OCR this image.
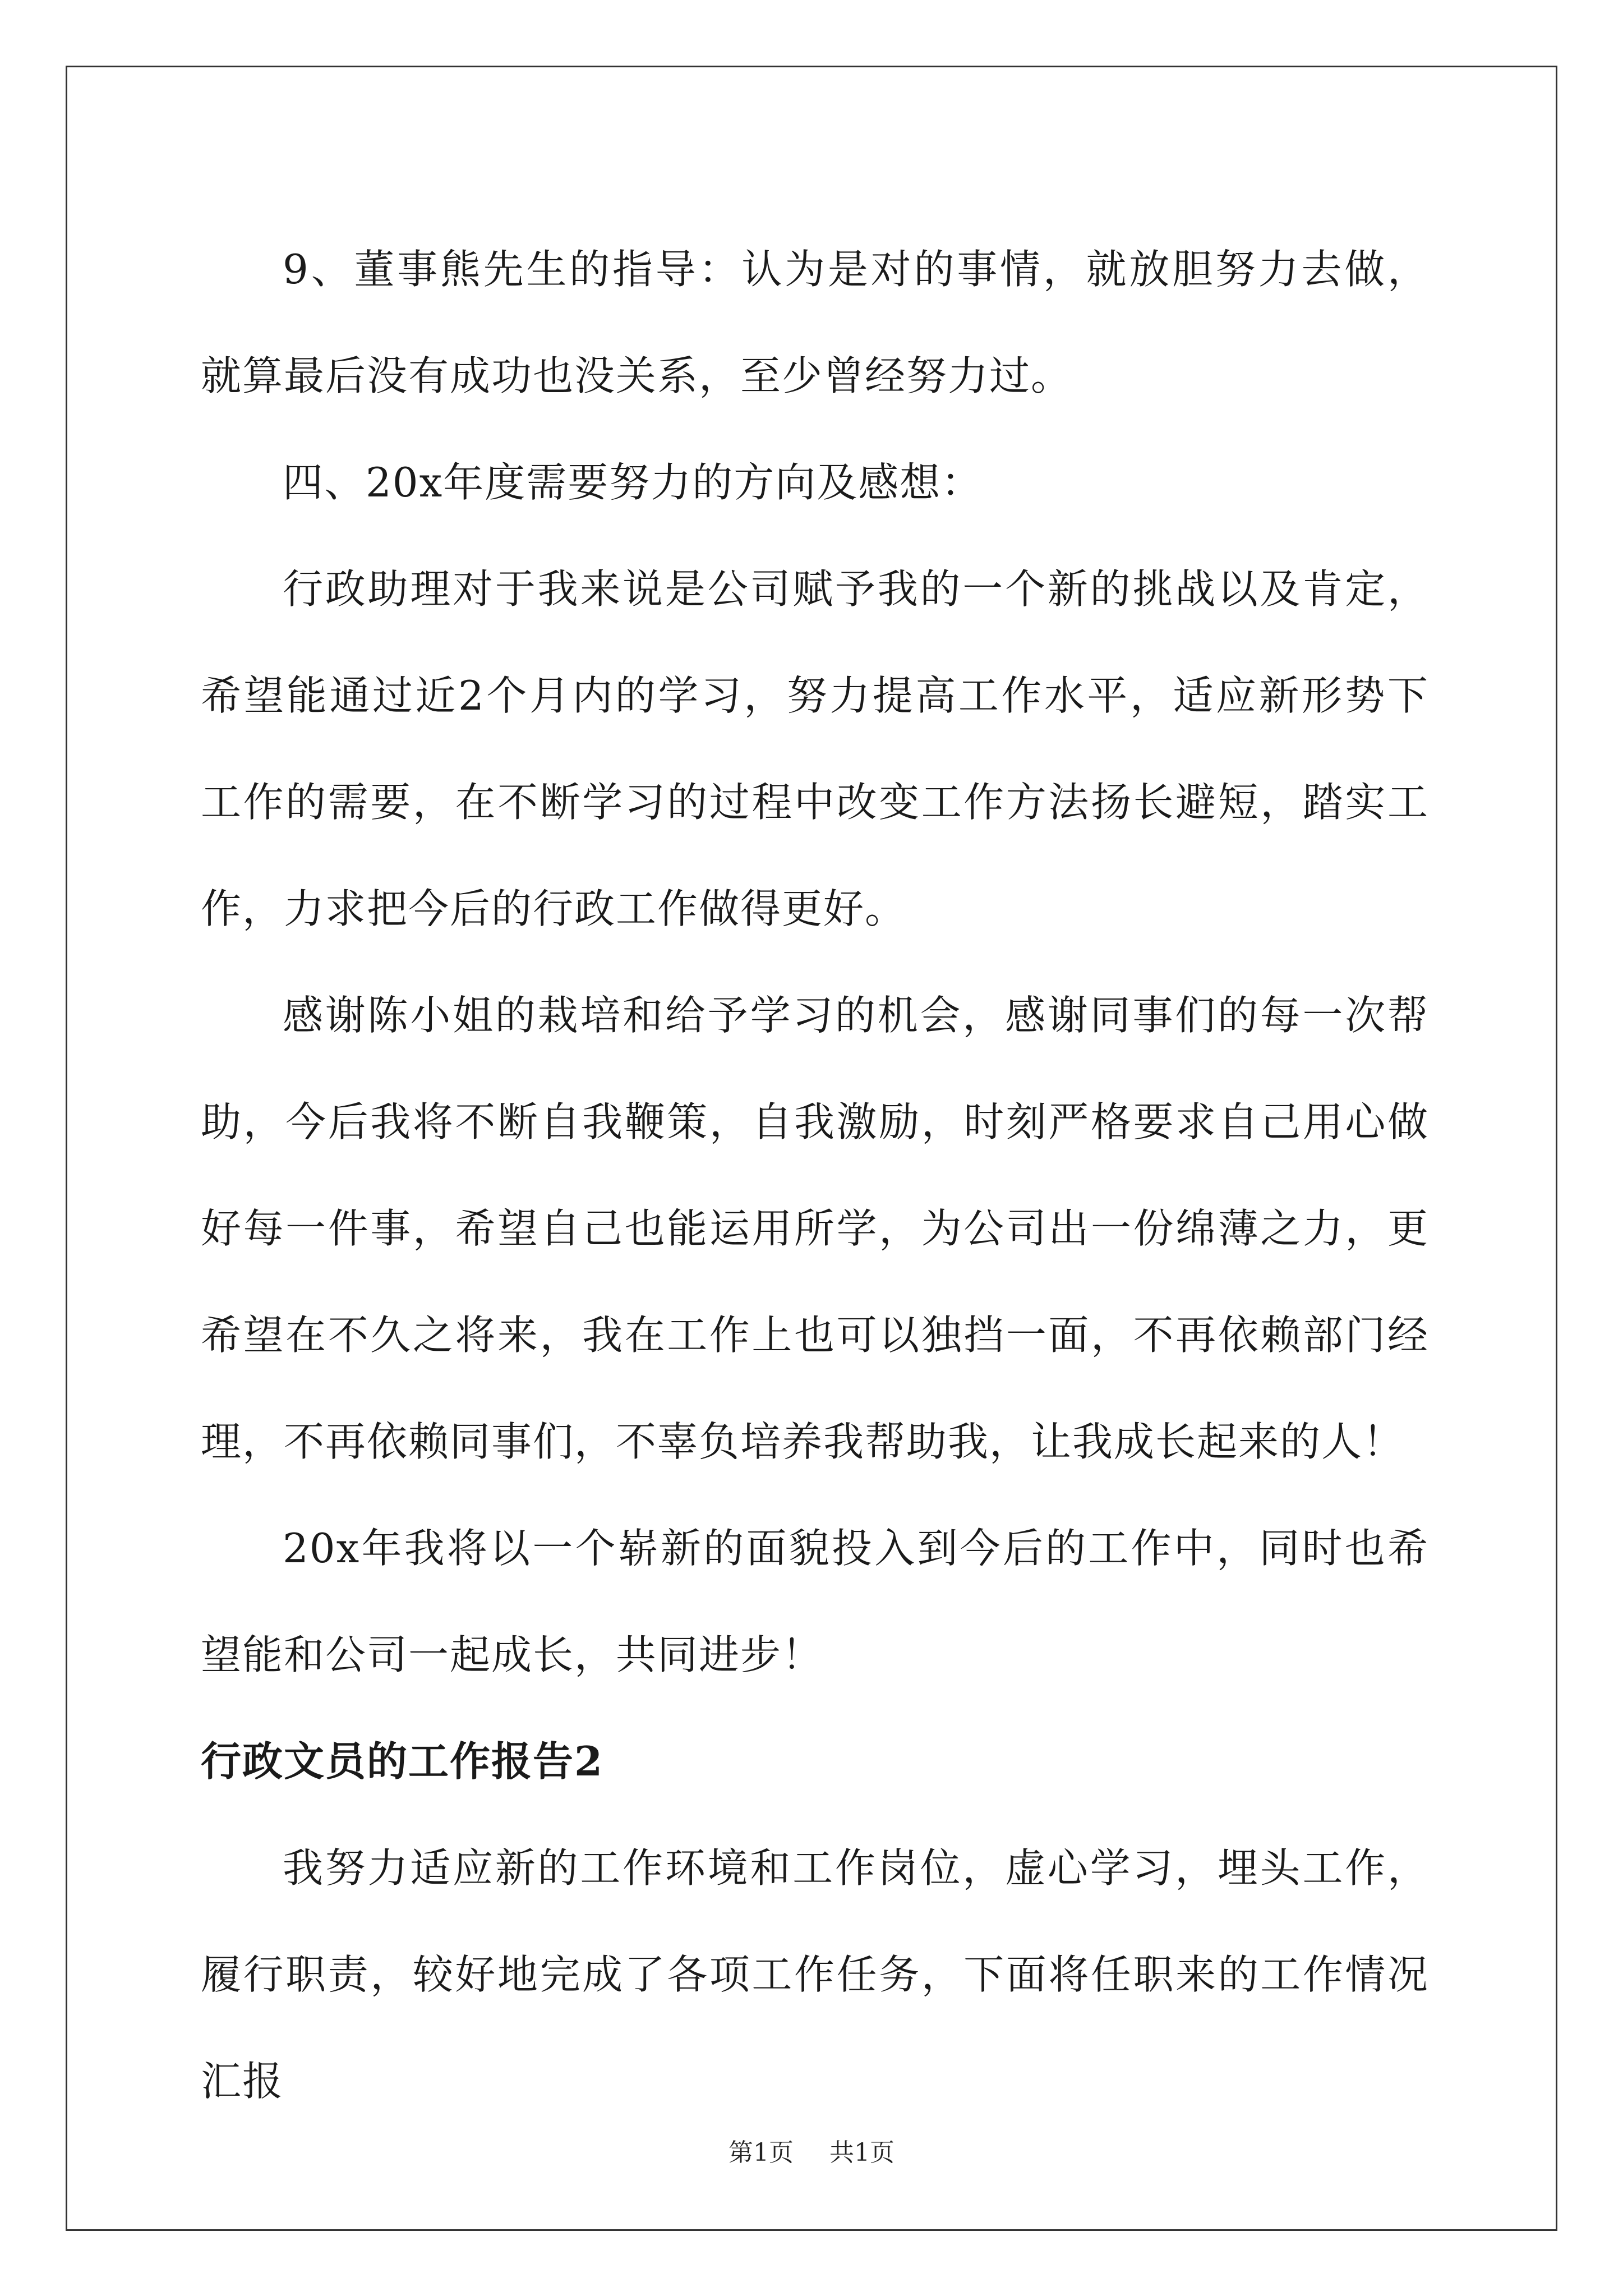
9、董事熊先生的指导：认为是对的事情，就放胆努力去做，就算最后没有成功也没关系，至少曾经努力过。

四、20x年度需要努力的方向及感想：

行政助理对于我来说是公司赋予我的一个新的挑战以及肯定，希望能通过近2个月内的学习，努力提高工作水平，适应新形势下工作的需要，在不断学习的过程中改变工作方法扬长避短，踏实工作，力求把今后的行政工作做得更好。

感谢陈小姐的栽培和给予学习的机会，感谢同事们的每一次帮助，今后我将不断自我鞭策，自我激励，时刻严格要求自己用心做好每一件事，希望自己也能运用所学，为公司出一份绵薄之力，更希望在不久之将来，我在工作上也可以独挡一面，不再依赖部门经理，不再依赖同事们，不辜负培养我帮助我，让我成长起来的人！

20x年我将以一个崭新的面貌投入到今后的工作中，同时也希望能和公司一起成长，共同进步！

行政文员的工作报告2

我努力适应新的工作环境和工作岗位，虚心学习，埋头工作，履行职责，较好地完成了各项工作任务，下面将任职来的工作情况汇报

第1页 共1页
